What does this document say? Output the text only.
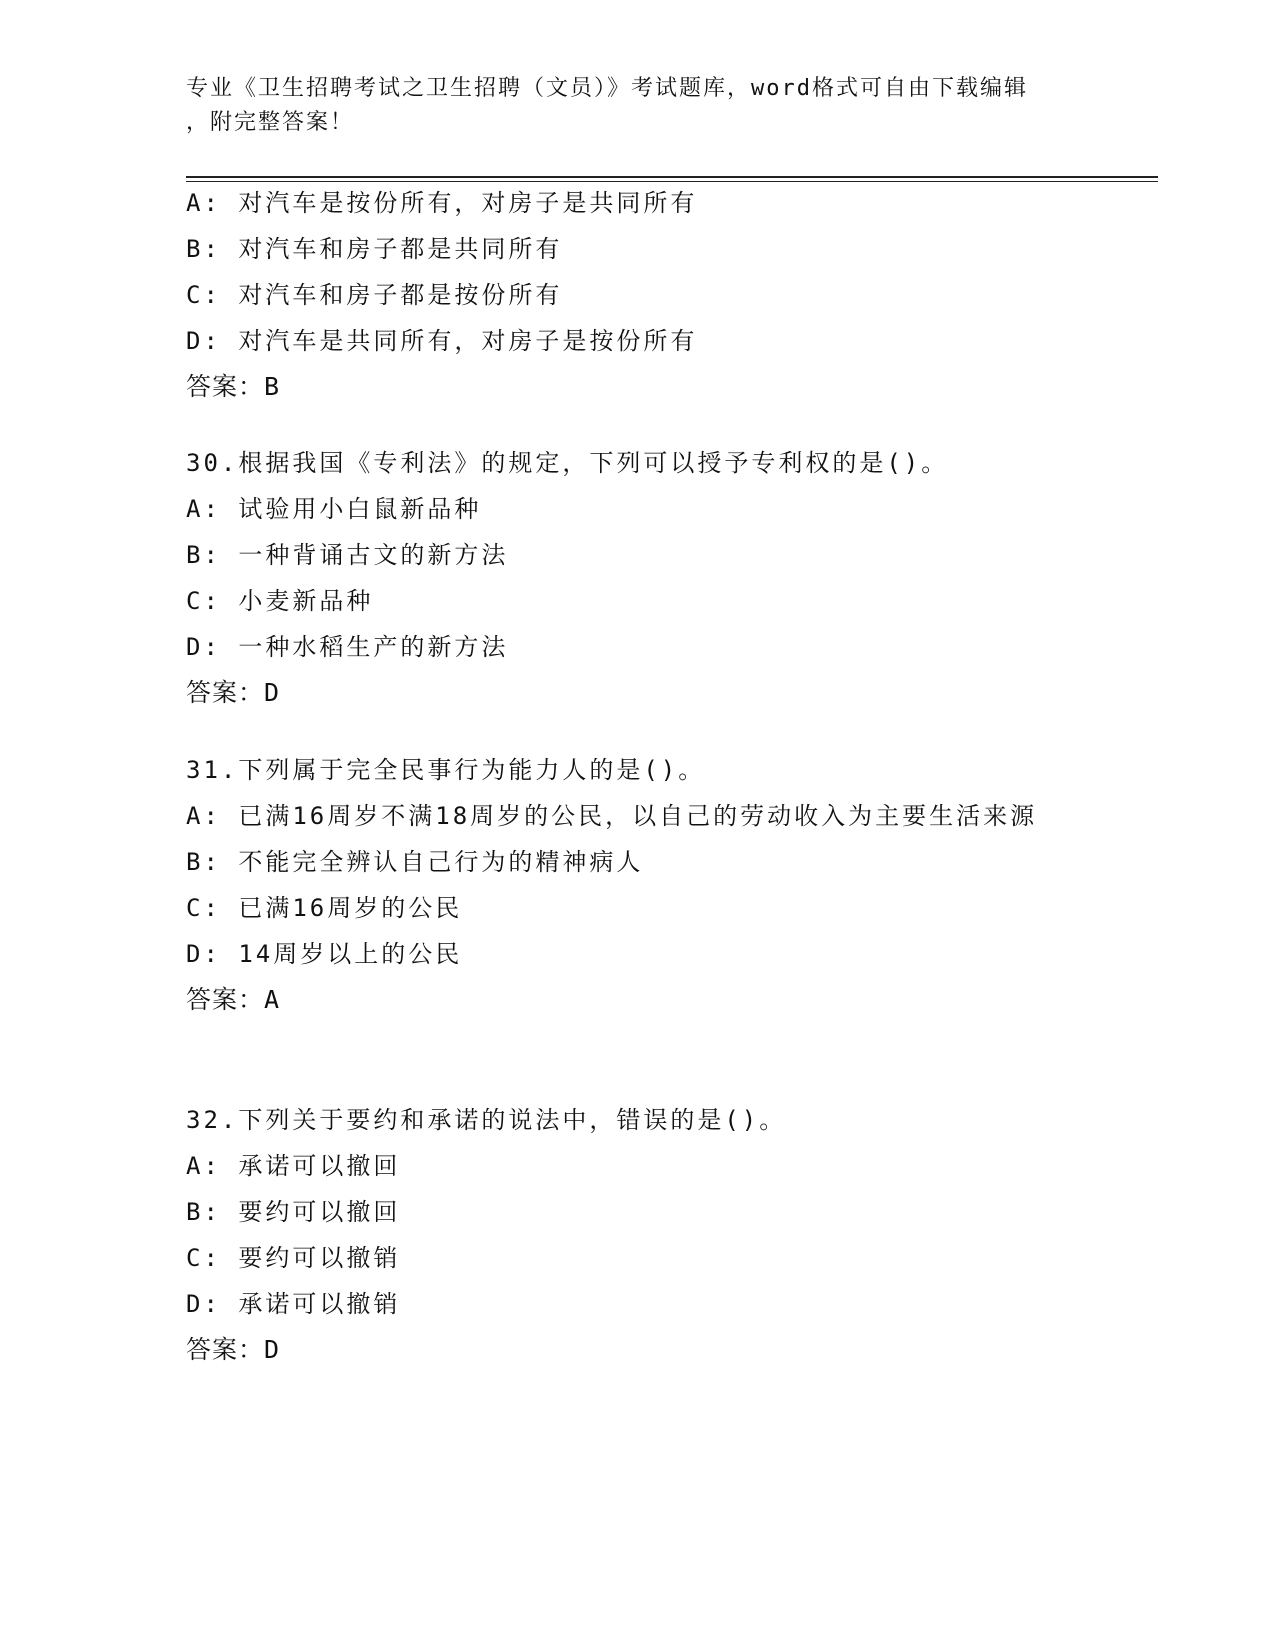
专业《卫生招聘考试之卫生招聘（文员）》考试题库，word格式可自由下载编辑
，附完整答案！
A: 对汽车是按份所有，对房子是共同所有
B: 对汽车和房子都是共同所有
C: 对汽车和房子都是按份所有
D: 对汽车是共同所有，对房子是按份所有
答案：B
30.根据我国《专利法》的规定，下列可以授予专利权的是()。
A: 试验用小白鼠新品种
B: 一种背诵古文的新方法
C: 小麦新品种
D: 一种水稻生产的新方法
答案：D
31.下列属于完全民事行为能力人的是()。
A: 已满16周岁不满18周岁的公民，以自己的劳动收入为主要生活来源
B: 不能完全辨认自己行为的精神病人
C: 已满16周岁的公民
D: 14周岁以上的公民
答案：A
32.下列关于要约和承诺的说法中，错误的是()。
A: 承诺可以撤回
B: 要约可以撤回
C: 要约可以撤销
D: 承诺可以撤销
答案：D
